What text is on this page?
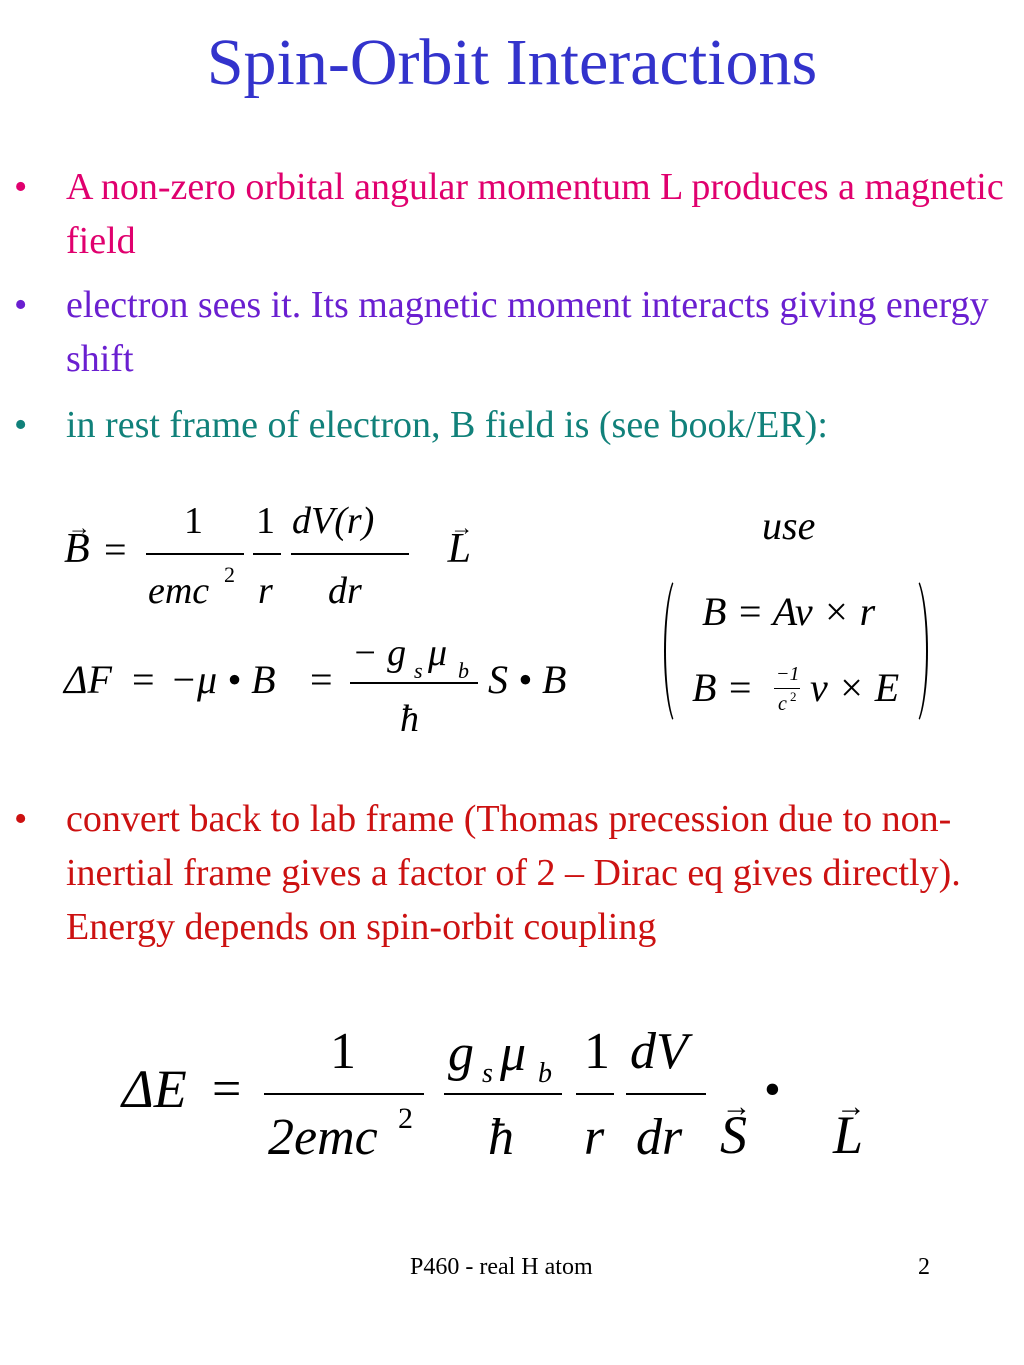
Spin-Orbit Interactions
•	A non-zero orbital angular momentum L produces a magnetic field
•	electron sees it. Its magnetic moment interacts giving energy shift
•	in rest frame of electron, B field is (see book/ER):
B → =
1
emc 2
1
r
dV(r)
dr
L →
ΔF = −μ • B =
− g s μ b
ħ
S • B
use
B = Av × r
B = −1
c 2 v × E
•	convert back to lab frame (Thomas precession due to non-inertial frame gives a factor of 2 – Dirac eq gives directly). Energy depends on spin-orbit coupling
ΔE =
1
2emc 2
g s μ b
ħ
1
r
dV
dr S →
•
L →
P460 - real H atom	2
